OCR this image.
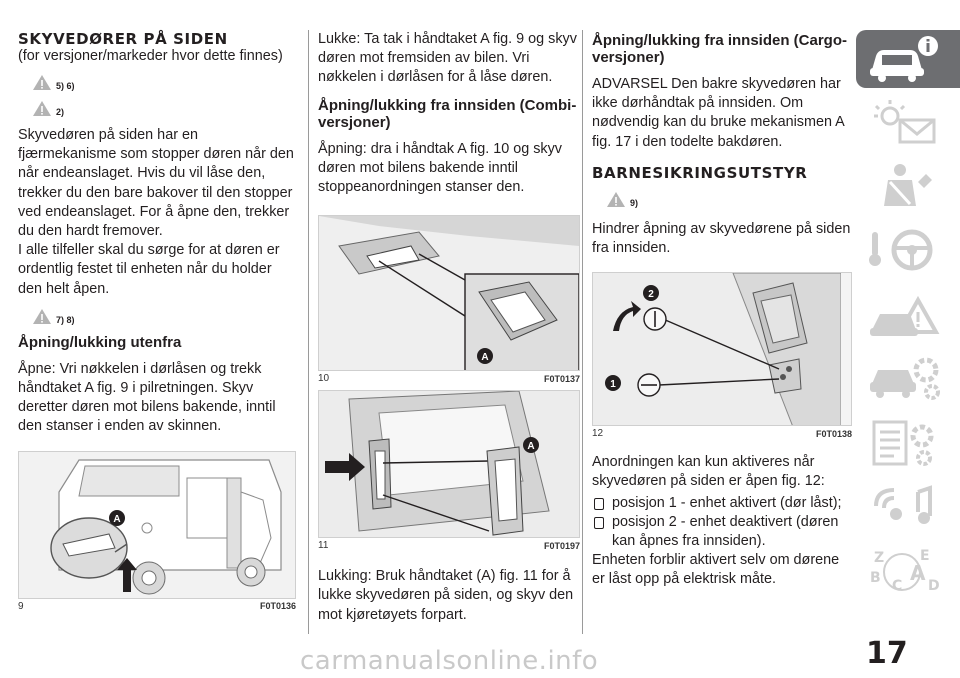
SKYVEDØRER PÅ SIDEN
(for versjoner/markeder hvor dette finnes)
5) 6)
2)

Skyvedøren på siden har en fjærmekanisme som stopper døren når den når endeanslaget. Hvis du vil låse den, trekker du den bare bakover til den stopper ved endeanslaget. For å åpne den, trekker du den hardt fremover.

I alle tilfeller skal du sørge for at døren er ordentlig festet til enheten når du holder den helt åpen.

7) 8)
Åpning/lukking utenfra

Åpne: Vri nøkkelen i dørlåsen og trekk håndtaket A fig. 9 i pilretningen. Skyv deretter døren mot bilens bakende, inntil den stanser i enden av skinnen.

A
9	F0T0136

Lukke: Ta tak i håndtaket A fig. 9 og skyv døren mot fremsiden av bilen. Vri nøkkelen i dørlåsen for å låse døren.

Åpning/lukking fra innsiden (Combi-versjoner)

Åpning: dra i håndtak A fig. 10 og skyv døren mot bilens bakende inntil stoppeanordningen stanser den.

A
10	F0T0137
A
11	F0T0197

Lukking: Bruk håndtaket (A) fig. 11 for å lukke skyvedøren på siden, og skyv den mot kjøretøyets forpart.

Åpning/lukking fra innsiden (Cargo-versjoner)

ADVARSEL Den bakre skyvedøren har ikke dørhåndtak på innsiden. Om nødvendig kan du bruke mekanismen A fig. 17 i den todelte bakdøren.

BARNESIKRINGSUTSTYR
9)

Hindrer åpning av skyvedørene på siden fra innsiden.

2
1
12	F0T0138

Anordningen kan kun aktiveres når skyvedøren på siden er åpen fig. 12:

posisjon 1 - enhet aktivert (dør låst);
posisjon 2 - enhet deaktivert (døren kan åpnes fra innsiden).

Enheten forblir aktivert selv om dørene er låst opp på elektrisk måte.

Z	E
B C
A
D
17
carmanualsonline.info
